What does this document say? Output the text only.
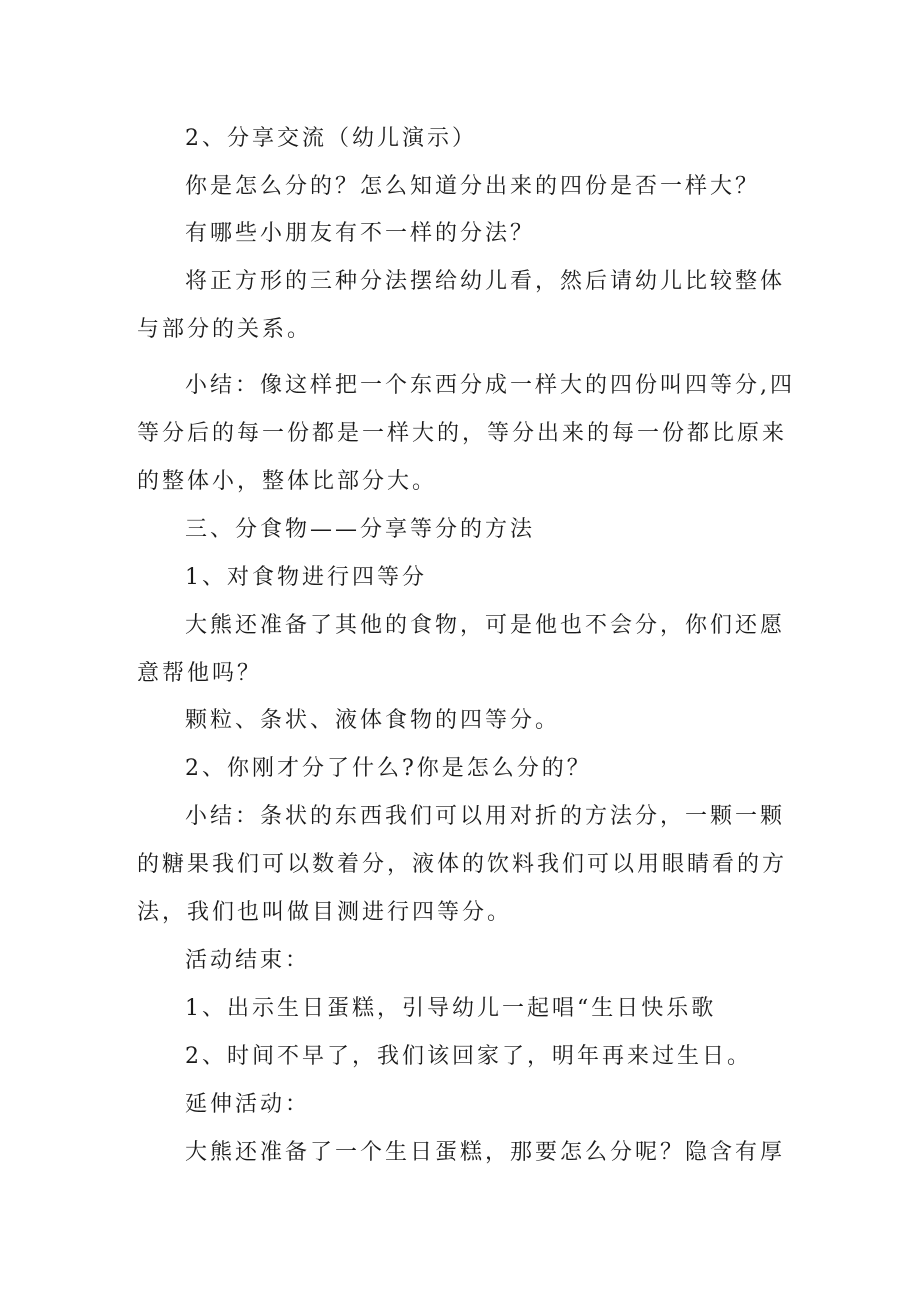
2、分享交流（幼儿演示）

你是怎么分的？怎么知道分出来的四份是否一样大？

有哪些小朋友有不一样的分法？

将正方形的三种分法摆给幼儿看，然后请幼儿比较整体与部分的关系。

小结：像这样把一个东西分成一样大的四份叫四等分,四等分后的每一份都是一样大的，等分出来的每一份都比原来的整体小，整体比部分大。

三、分食物——分享等分的方法

1、对食物进行四等分

大熊还准备了其他的食物，可是他也不会分，你们还愿意帮他吗？

颗粒、条状、液体食物的四等分。

2、你刚才分了什么?你是怎么分的？

小结：条状的东西我们可以用对折的方法分，一颗一颗的糖果我们可以数着分，液体的饮料我们可以用眼睛看的方法，我们也叫做目测进行四等分。

活动结束：

1、出示生日蛋糕，引导幼儿一起唱“生日快乐歌

2、时间不早了，我们该回家了，明年再来过生日。

延伸活动：

大熊还准备了一个生日蛋糕，那要怎么分呢？隐含有厚
